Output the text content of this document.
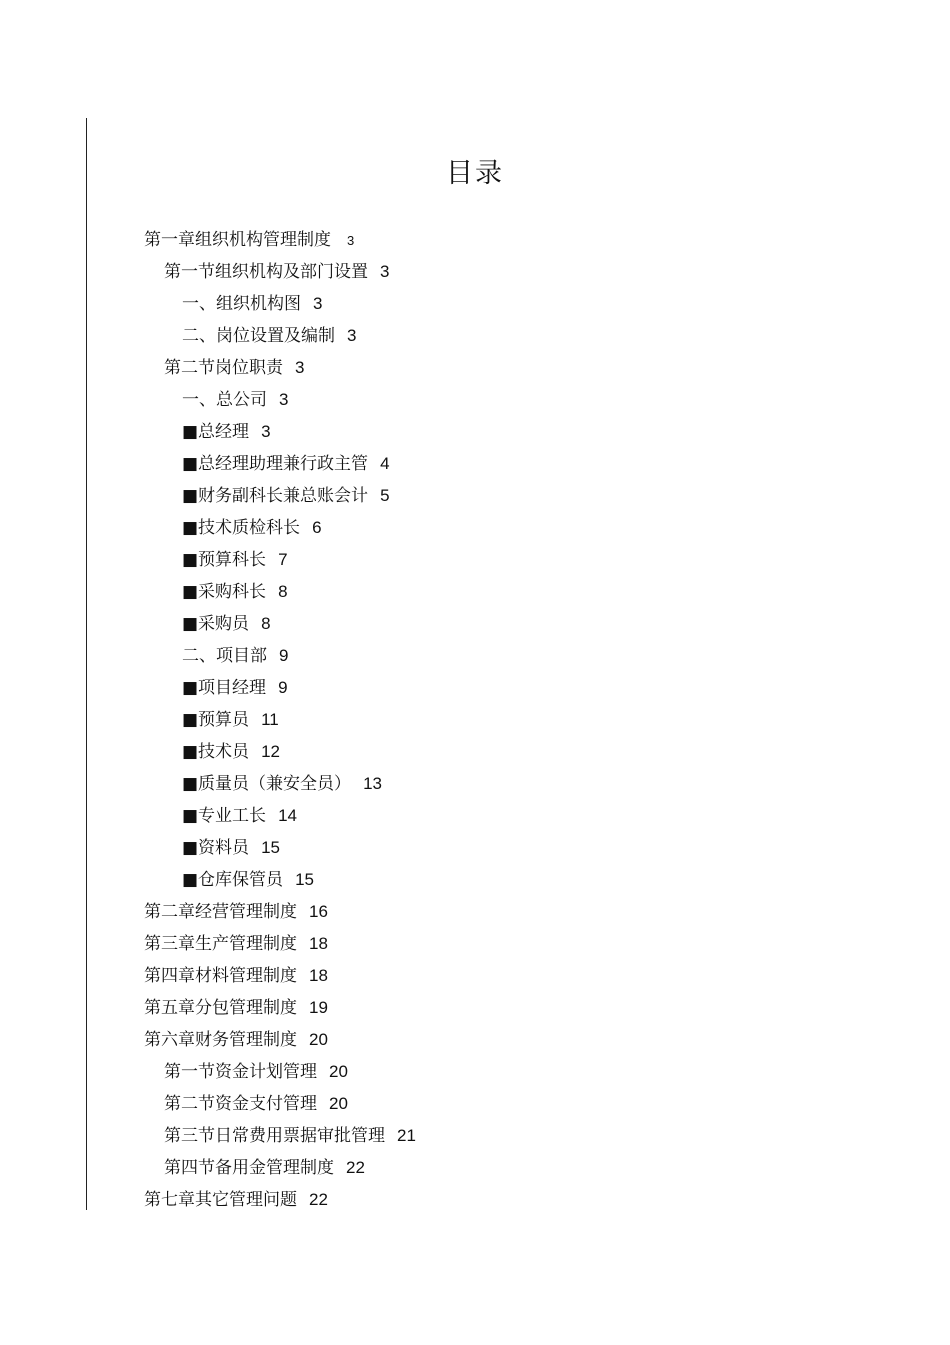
目录
第一章组织机构管理制度 3
第一节组织机构及部门设置 3
一、组织机构图 3
二、岗位设置及编制 3
第二节岗位职责 3
一、总公司 3
■总经理 3
■总经理助理兼行政主管 4
■财务副科长兼总账会计 5
■技术质检科长 6
■预算科长 7
■采购科长 8
■采购员 8
二、项目部 9
■项目经理 9
■预算员 11
■技术员 12
■质量员（兼安全员） 13
■专业工长 14
■资料员 15
■仓库保管员 15
第二章经营管理制度 16
第三章生产管理制度 18
第四章材料管理制度 18
第五章分包管理制度 19
第六章财务管理制度 20
第一节资金计划管理 20
第二节资金支付管理 20
第三节日常费用票据审批管理 21
第四节备用金管理制度 22
第七章其它管理问题 22
